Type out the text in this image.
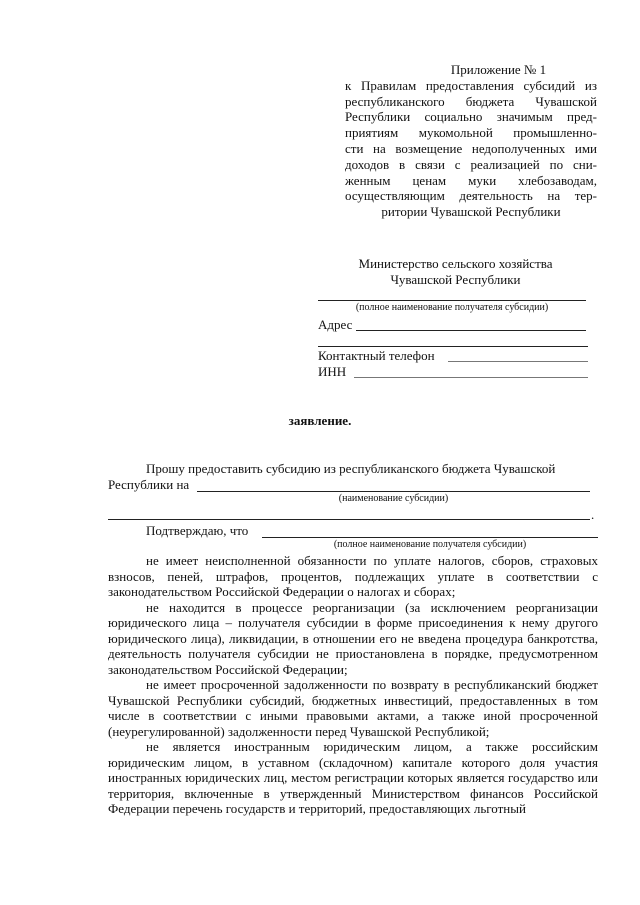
Приложение № 1

к Правилам предоставления субсидий из

республиканского бюджета Чувашской

Республики социально значимым пред-

приятиям мукомольной промышленно-

сти на возмещение недополученных ими

доходов в связи с реализацией по сни-

женным ценам муки хлебозаводам,

осуществляющим деятельность на тер-

ритории Чувашской Республики

Министерство сельского хозяйства
Чувашской Республики
(полное наименование получателя субсидии)
Адрес
Контактный телефон
ИНН
заявление.
Прошу предоставить субсидию из республиканского бюджета Чувашской
Республики на
(наименование субсидии)
.
Подтверждаю, что
(полное наименование получателя субсидии)

не имеет неисполненной обязанности по уплате налогов, сборов, страховых взносов, пеней, штрафов, процентов, подлежащих уплате в соответствии с законодательством Российской Федерации о налогах и сборах;

не находится в процессе реорганизации (за исключением реорганизации юридического лица – получателя субсидии в форме присоединения к нему другого юридического лица), ликвидации, в отношении его не введена процедура банкротства, деятельность получателя субсидии не приостановлена в порядке, предусмотренном законодательством Российской Федерации;

не имеет просроченной задолженности по возврату в республиканский бюджет Чувашской Республики субсидий, бюджетных инвестиций, предоставленных в том числе в соответствии с иными правовыми актами, а также иной просроченной (неурегулированной) задолженности перед Чувашской Республикой;

не является иностранным юридическим лицом, а также российским юридическим лицом, в уставном (складочном) капитале которого доля участия иностранных юридических лиц, местом регистрации которых является государство или территория, включенные в утвержденный Министерством финансов Российской Федерации перечень государств и территорий, предоставляющих льготный
